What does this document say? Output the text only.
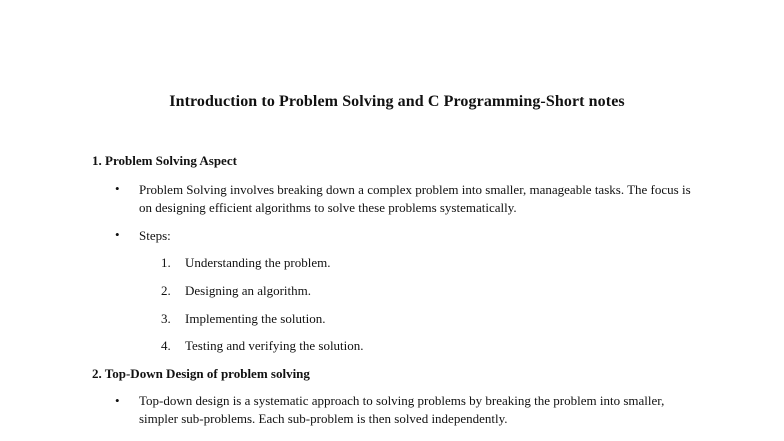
Introduction to Problem Solving and C Programming-Short notes
1. Problem Solving Aspect
• Problem Solving involves breaking down a complex problem into smaller, manageable tasks. The focus is on designing efficient algorithms to solve these problems systematically.
• Steps:
1. Understanding the problem.
2. Designing an algorithm.
3. Implementing the solution.
4. Testing and verifying the solution.
2. Top-Down Design of problem solving
• Top-down design is a systematic approach to solving problems by breaking the problem into smaller, simpler sub-problems. Each sub-problem is then solved independently.
